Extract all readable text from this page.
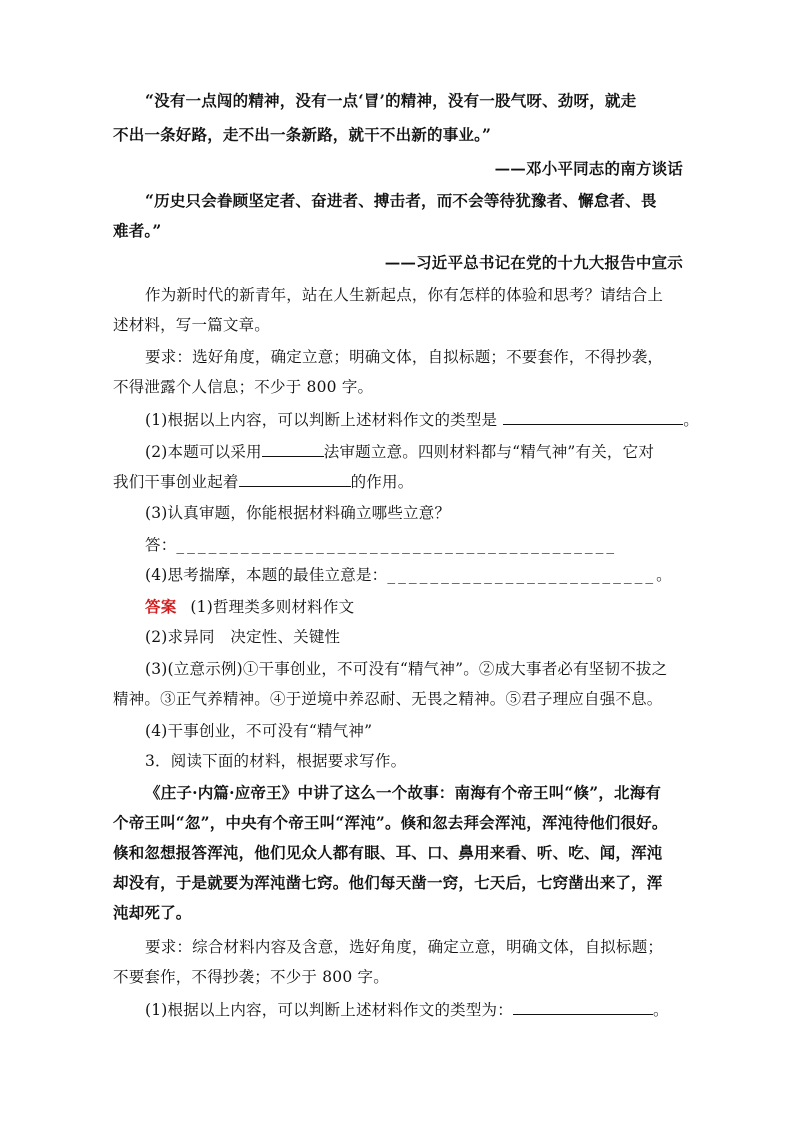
“没有一点闯的精神，没有一点‘冒’的精神，没有一股气呀、劲呀，就走
不出一条好路，走不出一条新路，就干不出新的事业。”
——邓小平同志的南方谈话
“历史只会眷顾坚定者、奋进者、搏击者，而不会等待犹豫者、懈怠者、畏
难者。”
——习近平总书记在党的十九大报告中宣示
作为新时代的新青年，站在人生新起点，你有怎样的体验和思考？请结合上
述材料，写一篇文章。
要求：选好角度，确定立意；明确文体，自拟标题；不要套作，不得抄袭，
不得泄露个人信息；不少于 800 字。
(1)根据以上内容，可以判断上述材料作文的类型是	。
(2)本题可以采用	法审题立意。四则材料都与“精气神”有关，它对
我们干事创业起着	的作用。
(3)认真审题，你能根据材料确立哪些立意？
答：_________________________________________
(4)思考揣摩，本题的最佳立意是：_________________________。
答案 (1)哲理类多则材料作文
(2)求异同　决定性、关键性
(3)(立意示例)①干事创业，不可没有“精气神”。②成大事者必有坚韧不拔之
精神。③正气养精神。④于逆境中养忍耐、无畏之精神。⑤君子理应自强不息。
(4)干事创业，不可没有“精气神”
3．阅读下面的材料，根据要求写作。
《庄子·内篇·应帝王》中讲了这么一个故事：南海有个帝王叫“倏”，北海有
个帝王叫“忽”，中央有个帝王叫“浑沌”。倏和忽去拜会浑沌，浑沌待他们很好。
倏和忽想报答浑沌，他们见众人都有眼、耳、口、鼻用来看、听、吃、闻，浑沌
却没有，于是就要为浑沌凿七窍。他们每天凿一窍，七天后，七窍凿出来了，浑
沌却死了。
要求：综合材料内容及含意，选好角度，确定立意，明确文体，自拟标题；
不要套作，不得抄袭；不少于 800 字。
(1)根据以上内容，可以判断上述材料作文的类型为：	。
